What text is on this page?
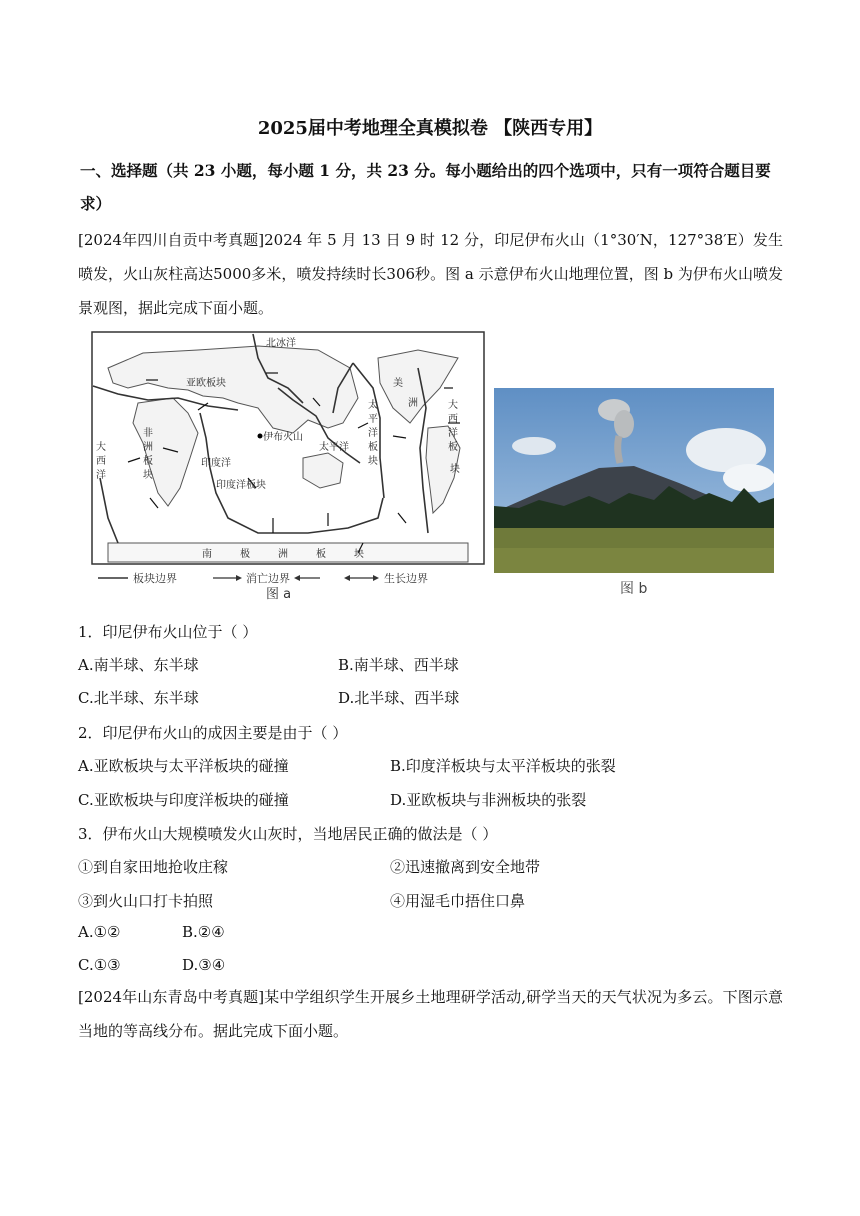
2025届中考地理全真模拟卷 【陕西专用】
一、选择题（共 23 小题，每小题 1 分，共 23 分。每小题给出的四个选项中，只有一项符合题目要求）
[2024年四川自贡中考真题]2024 年 5 月 13 日 9 时 12 分，印尼伊布火山（1°30′N，127°38′E）发生喷发，火山灰柱高达5000多米，喷发持续时长306秒。图 a 示意伊布火山地理位置，图 b 为伊布火山喷发景观图，据此完成下面小题。
北冰洋
亚欧板块	美
洲	大
西
洋
板
块
非
洲
板
块
大
西
洋
印度洋
印度洋板块
伊布火山
太平洋
太
平
洋
板
块
南	极	洲	板	块
板块边界	消亡边界	生长边界
图 a	图 b
1．印尼伊布火山位于（ ）
A.南半球、东半球	B.南半球、西半球
C.北半球、东半球	D.北半球、西半球
2．印尼伊布火山的成因主要是由于（ ）
A.亚欧板块与太平洋板块的碰撞	B.印度洋板块与太平洋板块的张裂
C.亚欧板块与印度洋板块的碰撞	D.亚欧板块与非洲板块的张裂
3．伊布火山大规模喷发火山灰时，当地居民正确的做法是（ ）
①到自家田地抢收庄稼	②迅速撤离到安全地带
③到火山口打卡拍照	④用湿毛巾捂住口鼻
A.①②	B.②④
C.①③	D.③④
[2024年山东青岛中考真题]某中学组织学生开展乡土地理研学活动,研学当天的天气状况为多云。下图示意当地的等高线分布。据此完成下面小题。
